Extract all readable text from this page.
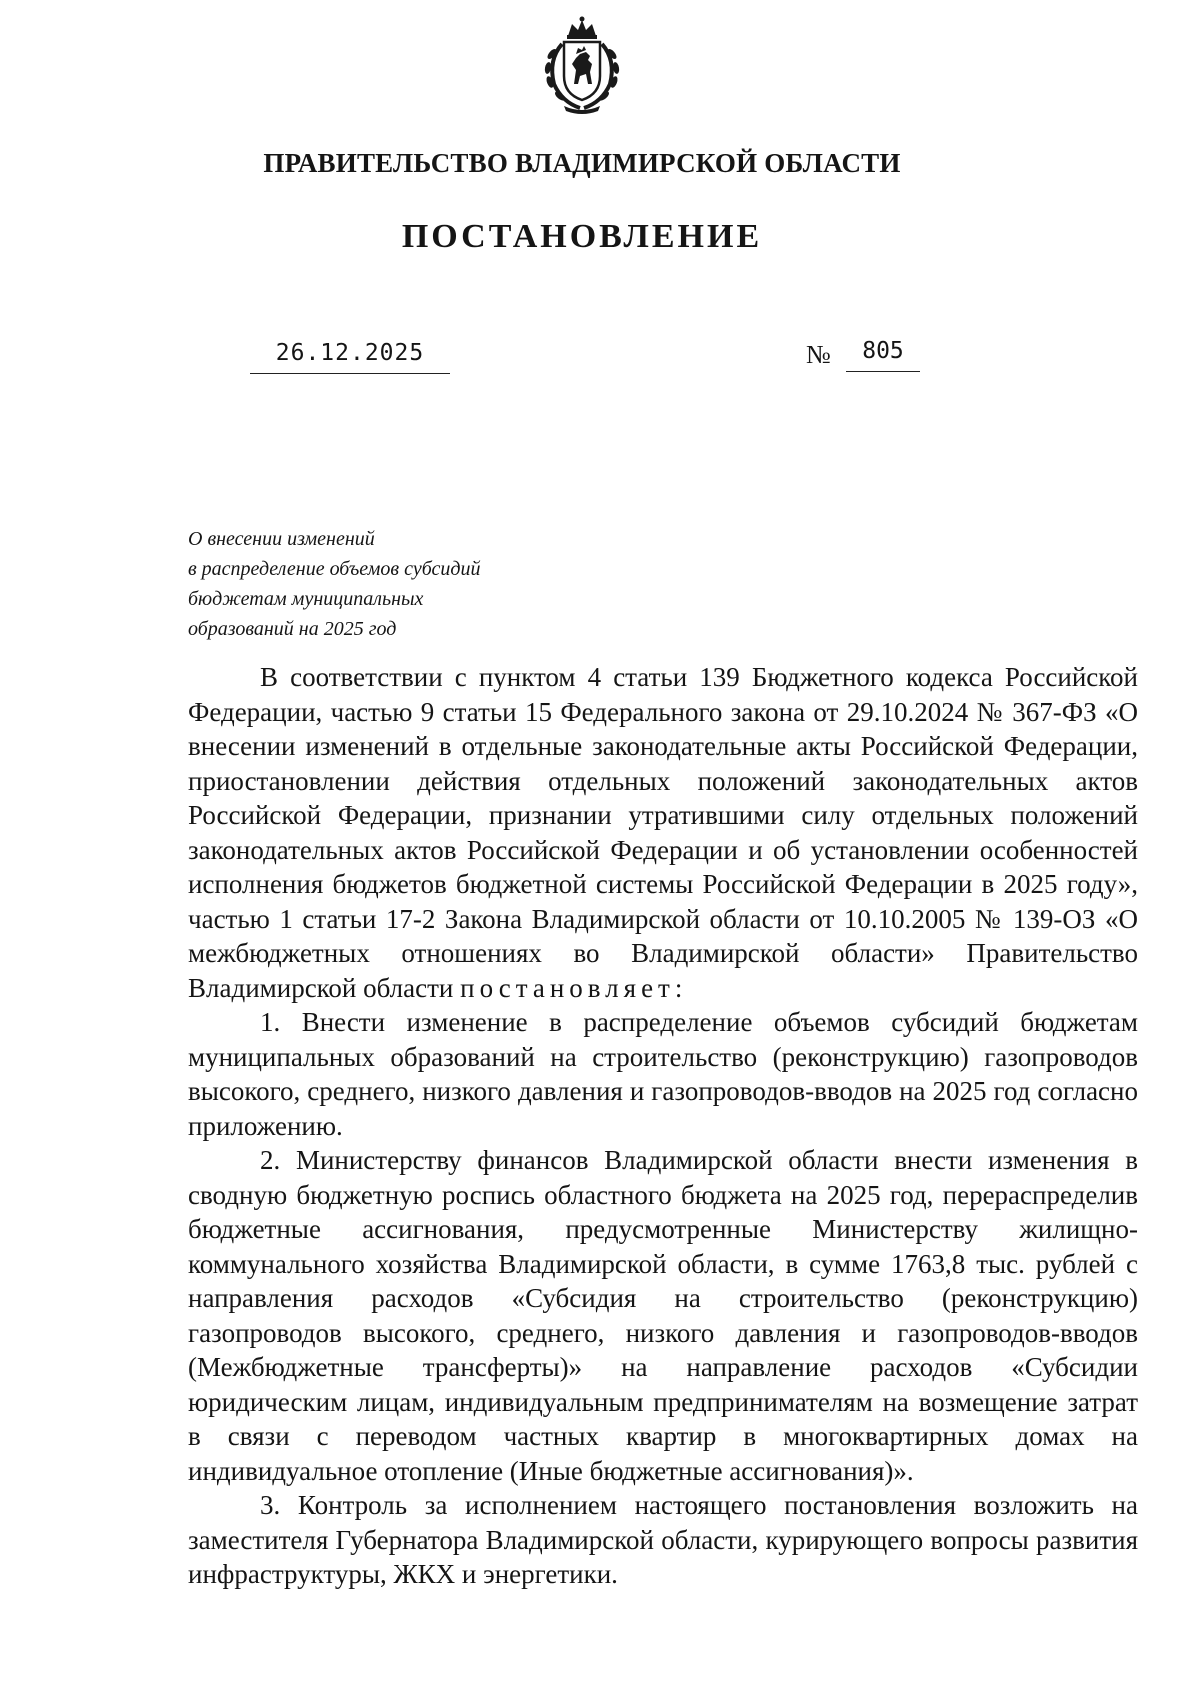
ПРАВИТЕЛЬСТВО ВЛАДИМИРСКОЙ ОБЛАСТИ
ПОСТАНОВЛЕНИЕ
26.12.2025	№	805
О внесении изменений
в распределение объемов субсидий
бюджетам муниципальных
образований на 2025 год

В соответствии с пунктом 4 статьи 139 Бюджетного кодекса Российской Федерации, частью 9 статьи 15 Федерального закона от 29.10.2024 № 367-ФЗ «О внесении изменений в отдельные законодательные акты Российской Федерации, приостановлении действия отдельных положений законодательных актов Российской Федерации, признании утратившими силу отдельных положений законодательных актов Российской Федерации и об установлении особенностей исполнения бюджетов бюджетной системы Российской Федерации в 2025 году», частью 1 статьи 17-2 Закона Владимирской области от 10.10.2005 № 139-ОЗ «О межбюджетных отношениях во Владимирской области» Правительство Владимирской области постановляет:

1. Внести изменение в распределение объемов субсидий бюджетам муниципальных образований на строительство (реконструкцию) газопроводов высокого, среднего, низкого давления и газопроводов-вводов на 2025 год согласно приложению.

2. Министерству финансов Владимирской области внести изменения в сводную бюджетную роспись областного бюджета на 2025 год, перераспределив бюджетные ассигнования, предусмотренные Министерству жилищно-коммунального хозяйства Владимирской области, в сумме 1763,8 тыс. рублей с направления расходов «Субсидия на строительство (реконструкцию) газопроводов высокого, среднего, низкого давления и газопроводов-вводов (Межбюджетные трансферты)» на направление расходов «Субсидии юридическим лицам, индивидуальным предпринимателям на возмещение затрат в связи с переводом частных квартир в многоквартирных домах на индивидуальное отопление (Иные бюджетные ассигнования)».

3. Контроль за исполнением настоящего постановления возложить на заместителя Губернатора Владимирской области, курирующего вопросы развития инфраструктуры, ЖКХ и энергетики.
